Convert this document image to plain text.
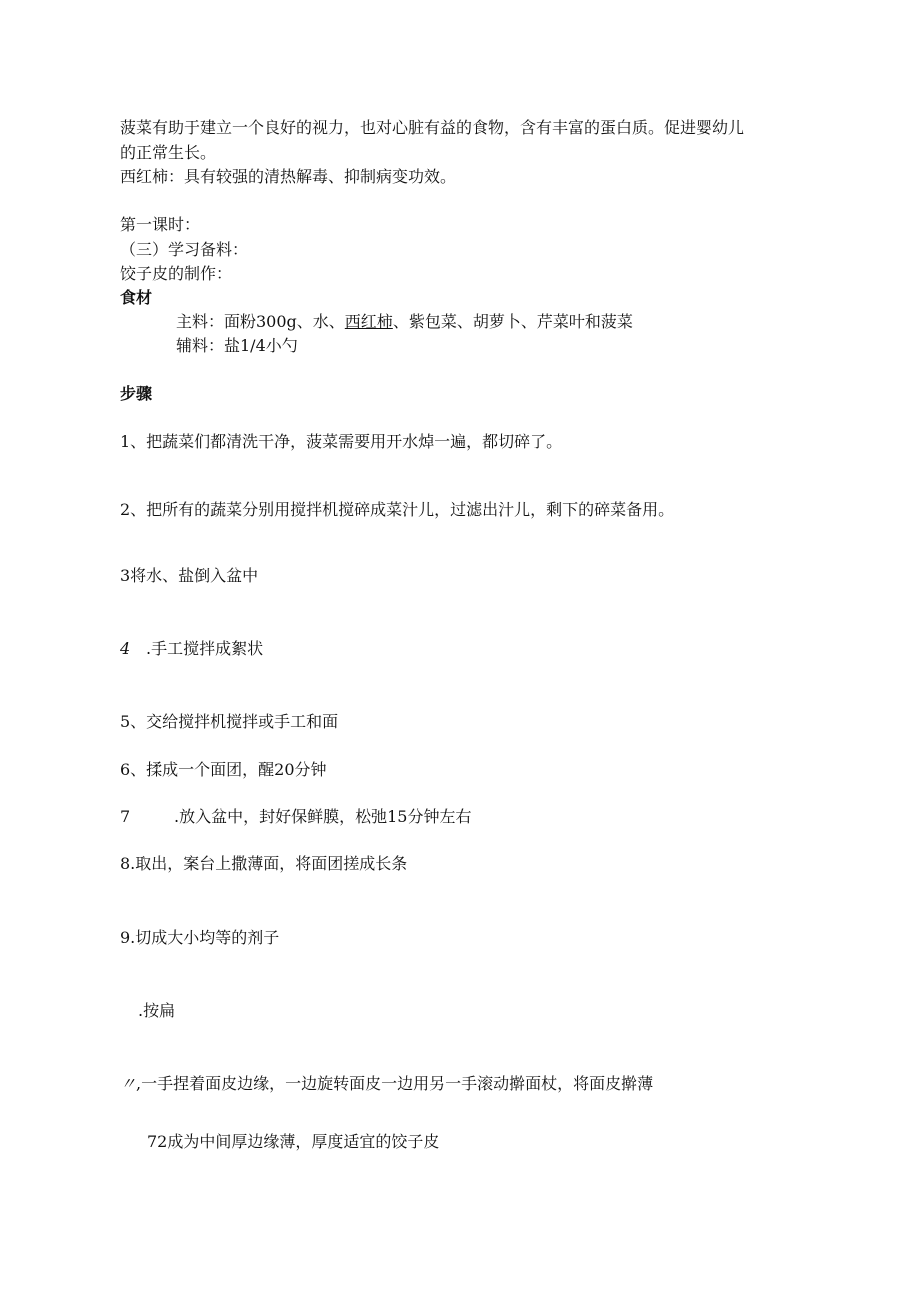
菠菜有助于建立一个良好的视力，也对心脏有益的食物，含有丰富的蛋白质。促进婴幼儿
的正常生长。
西红柿：具有较强的清热解毒、抑制病变功效。
第一课时：
（三）学习备料：
饺子皮的制作：
食材
主料：面粉300g、水、西红柿、紫包菜、胡萝卜、芹菜叶和菠菜
辅料：盐1/4小勺
步骤
1、把蔬菜们都清洗干净，菠菜需要用开水焯一遍，都切碎了。
2、把所有的蔬菜分别用搅拌机搅碎成菜汁儿，过滤出汁儿，剩下的碎菜备用。
3将水、盐倒入盆中
4 .手工搅拌成絮状
5、交给搅拌机搅拌或手工和面
6、揉成一个面团，醒20分钟
7	.放入盆中，封好保鲜膜，松弛15分钟左右
8.取出，案台上撒薄面，将面团搓成长条
9.切成大小均等的剂子
.按扁
〃,一手捏着面皮边缘，一边旋转面皮一边用另一手滚动擀面杖，将面皮擀薄
72成为中间厚边缘薄，厚度适宜的饺子皮
